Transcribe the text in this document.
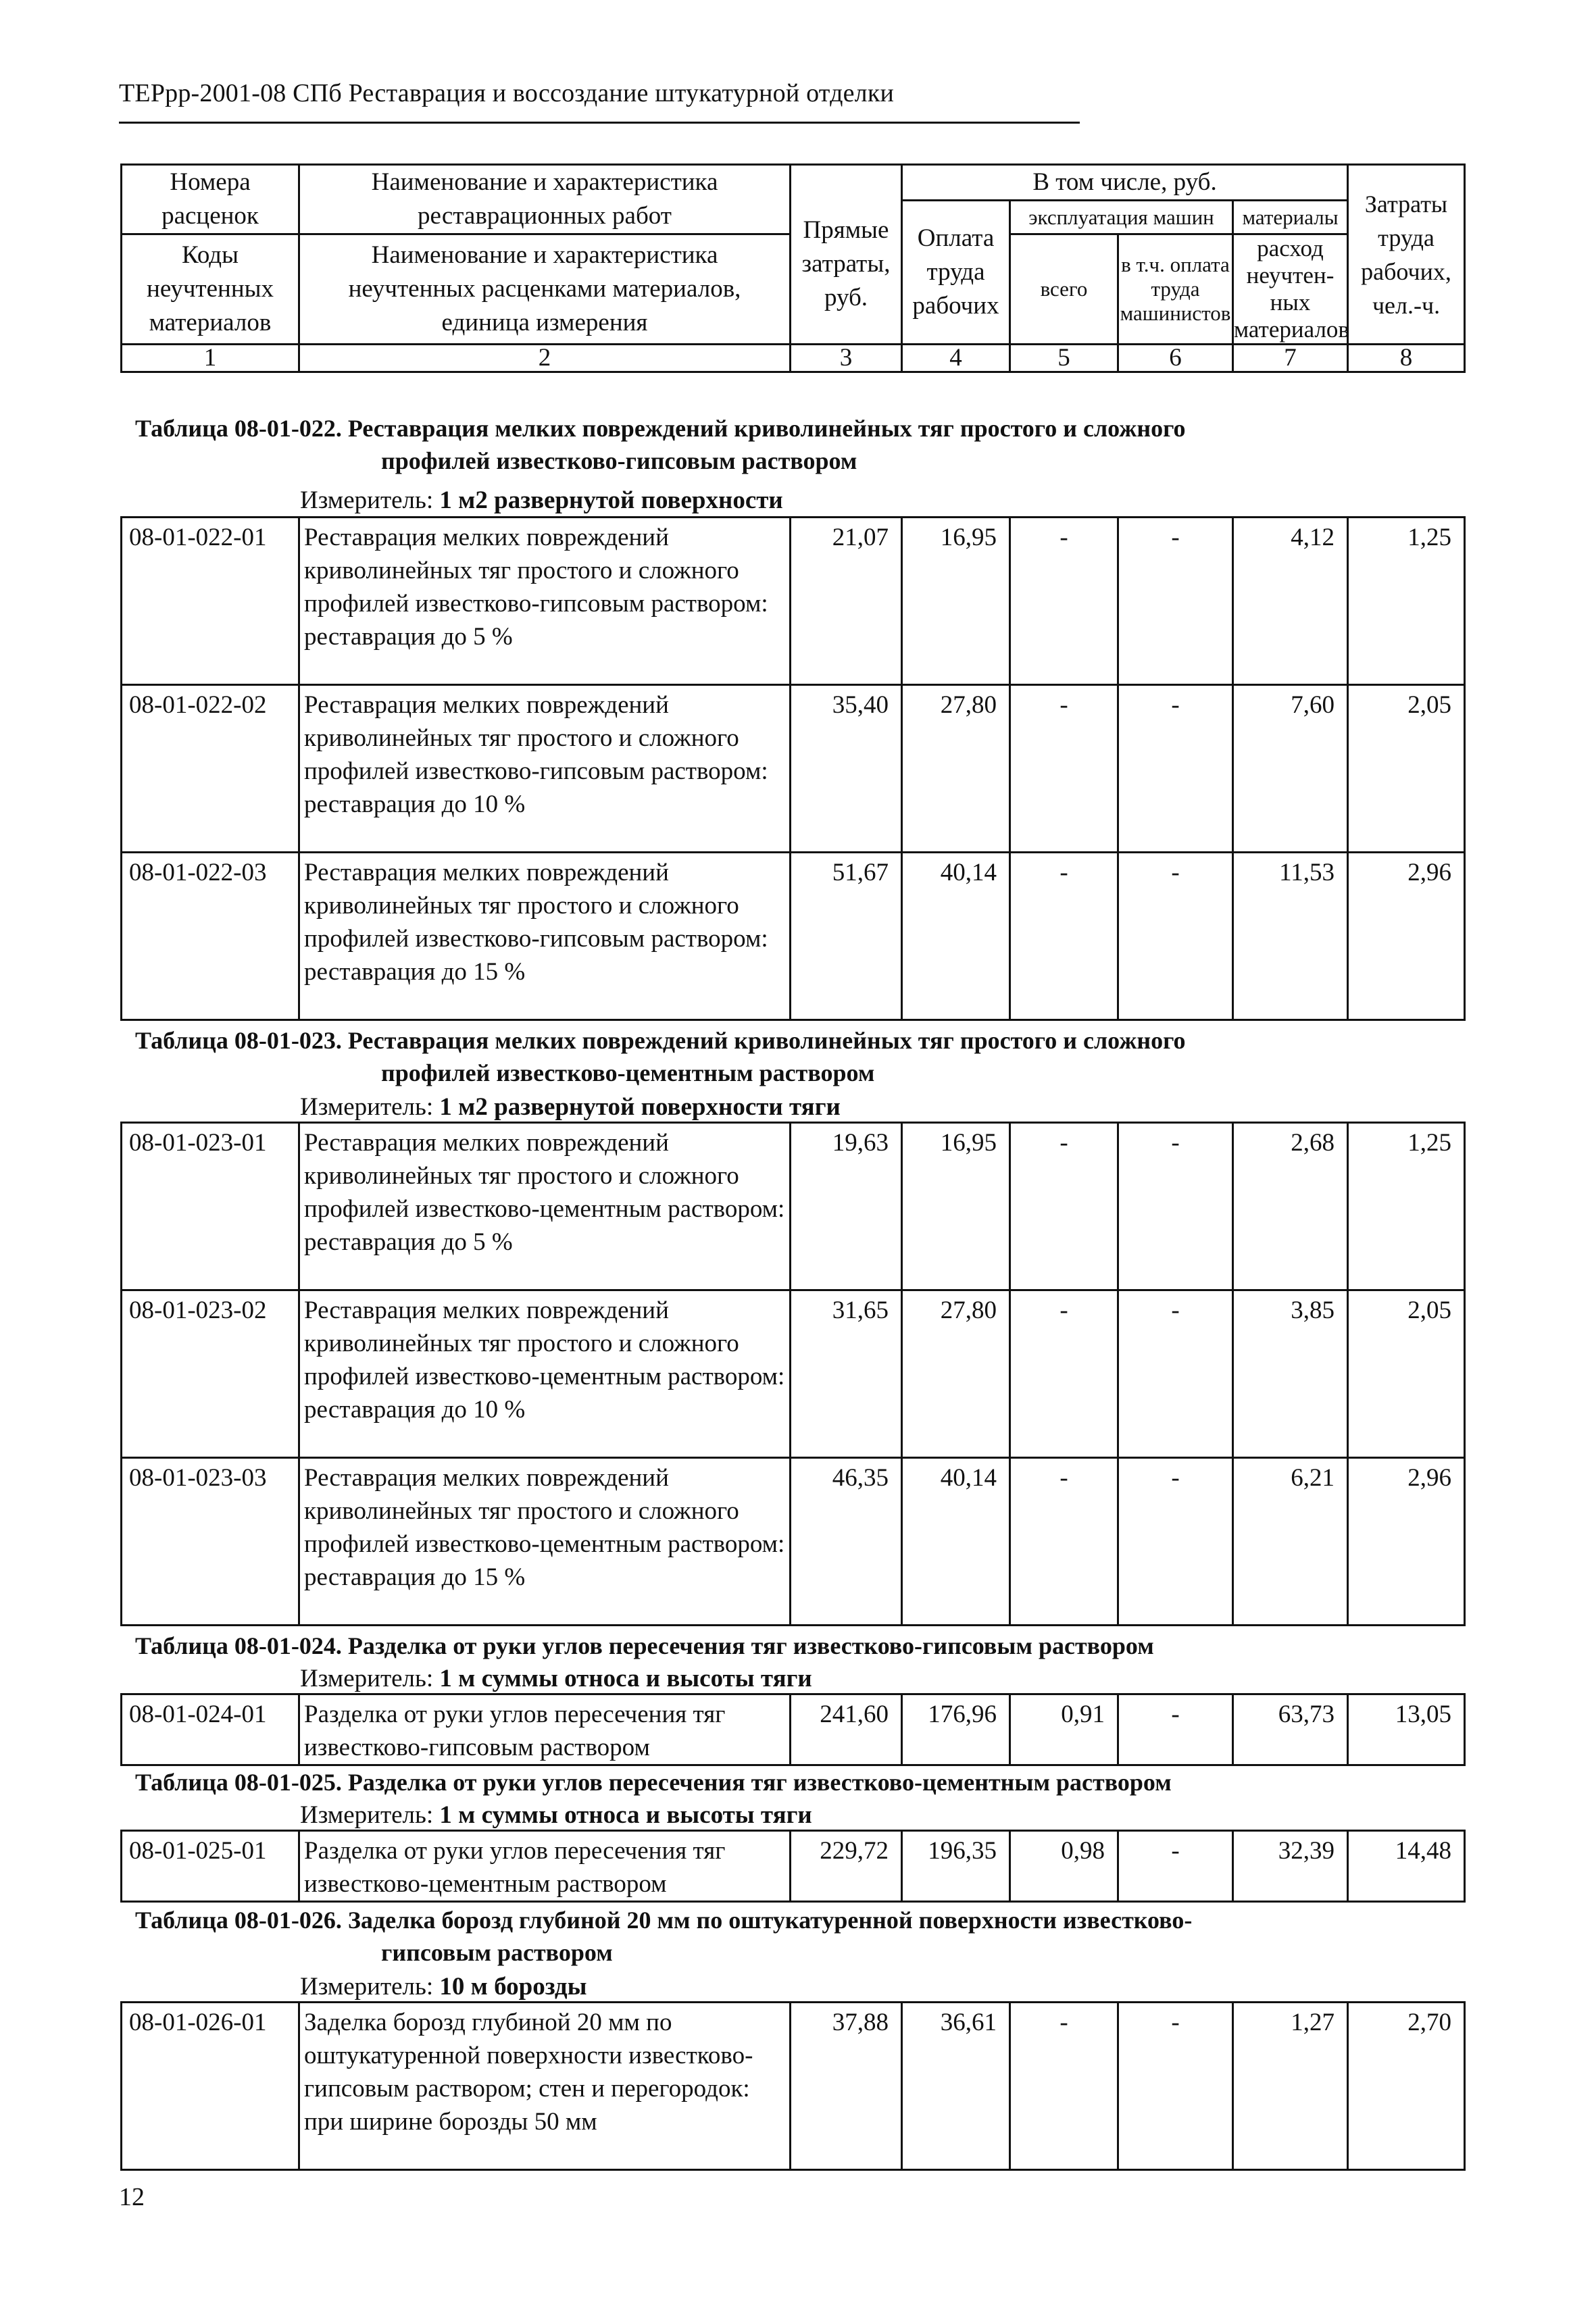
ТЕРрр-2001-08 СПб Реставрация и воссоздание штукатурной отделки
Номера расценок	Наименование и характеристика реставрационных работ	Прямые затраты, руб.	В том числе, руб.				Затраты труда рабочих, чел.-ч.
			Оплата труда рабочих	эксплуатация машин		материалы	
Коды неучтенных материалов	Наименование и характеристика неучтенных расценками материалов, единица измерения			всего	в т.ч. оплата труда машинистов	расход неучтен-ных материалов	

1	2	3	4	5	6	7	8
Таблица 08-01-022. Реставрация мелких повреждений криволинейных тяг простого и сложного
профилей известково-гипсовым раствором
Измеритель: 1 м2 развернутой поверхности
08-01-022-01	Реставрация мелких повреждений криволинейных тяг простого и сложного профилей известково-гипсовым раствором: реставрация до 5 %	21,07	16,95	-	-	4,12	1,25
08-01-022-02	Реставрация мелких повреждений криволинейных тяг простого и сложного профилей известково-гипсовым раствором: реставрация до 10 %	35,40	27,80	-	-	7,60	2,05
08-01-022-03	Реставрация мелких повреждений криволинейных тяг простого и сложного профилей известково-гипсовым раствором: реставрация до 15 %	51,67	40,14	-	-	11,53	2,96
Таблица 08-01-023. Реставрация мелких повреждений криволинейных тяг простого и сложного
профилей известково-цементным раствором
Измеритель: 1 м2 развернутой поверхности тяги
08-01-023-01	Реставрация мелких повреждений криволинейных тяг простого и сложного профилей известково-цементным раствором: реставрация до 5 %	19,63	16,95	-	-	2,68	1,25
08-01-023-02	Реставрация мелких повреждений криволинейных тяг простого и сложного профилей известково-цементным раствором: реставрация до 10 %	31,65	27,80	-	-	3,85	2,05
08-01-023-03	Реставрация мелких повреждений криволинейных тяг простого и сложного профилей известково-цементным раствором: реставрация до 15 %	46,35	40,14	-	-	6,21	2,96
Таблица 08-01-024. Разделка от руки углов пересечения тяг известково-гипсовым раствором
Измеритель: 1 м суммы относа и высоты тяги
08-01-024-01	Разделка от руки углов пересечения тяг известково-гипсовым раствором	241,60	176,96	0,91	-	63,73	13,05
Таблица 08-01-025. Разделка от руки углов пересечения тяг известково-цементным раствором
Измеритель: 1 м суммы относа и высоты тяги
08-01-025-01	Разделка от руки углов пересечения тяг известково-цементным раствором	229,72	196,35	0,98	-	32,39	14,48
Таблица 08-01-026. Заделка борозд глубиной 20 мм по оштукатуренной поверхности известково-
гипсовым раствором
Измеритель: 10 м борозды
08-01-026-01	Заделка борозд глубиной 20 мм по оштукатуренной поверхности известково-гипсовым раствором; стен и перегородок: при ширине борозды 50 мм	37,88	36,61	-	-	1,27	2,70
12
